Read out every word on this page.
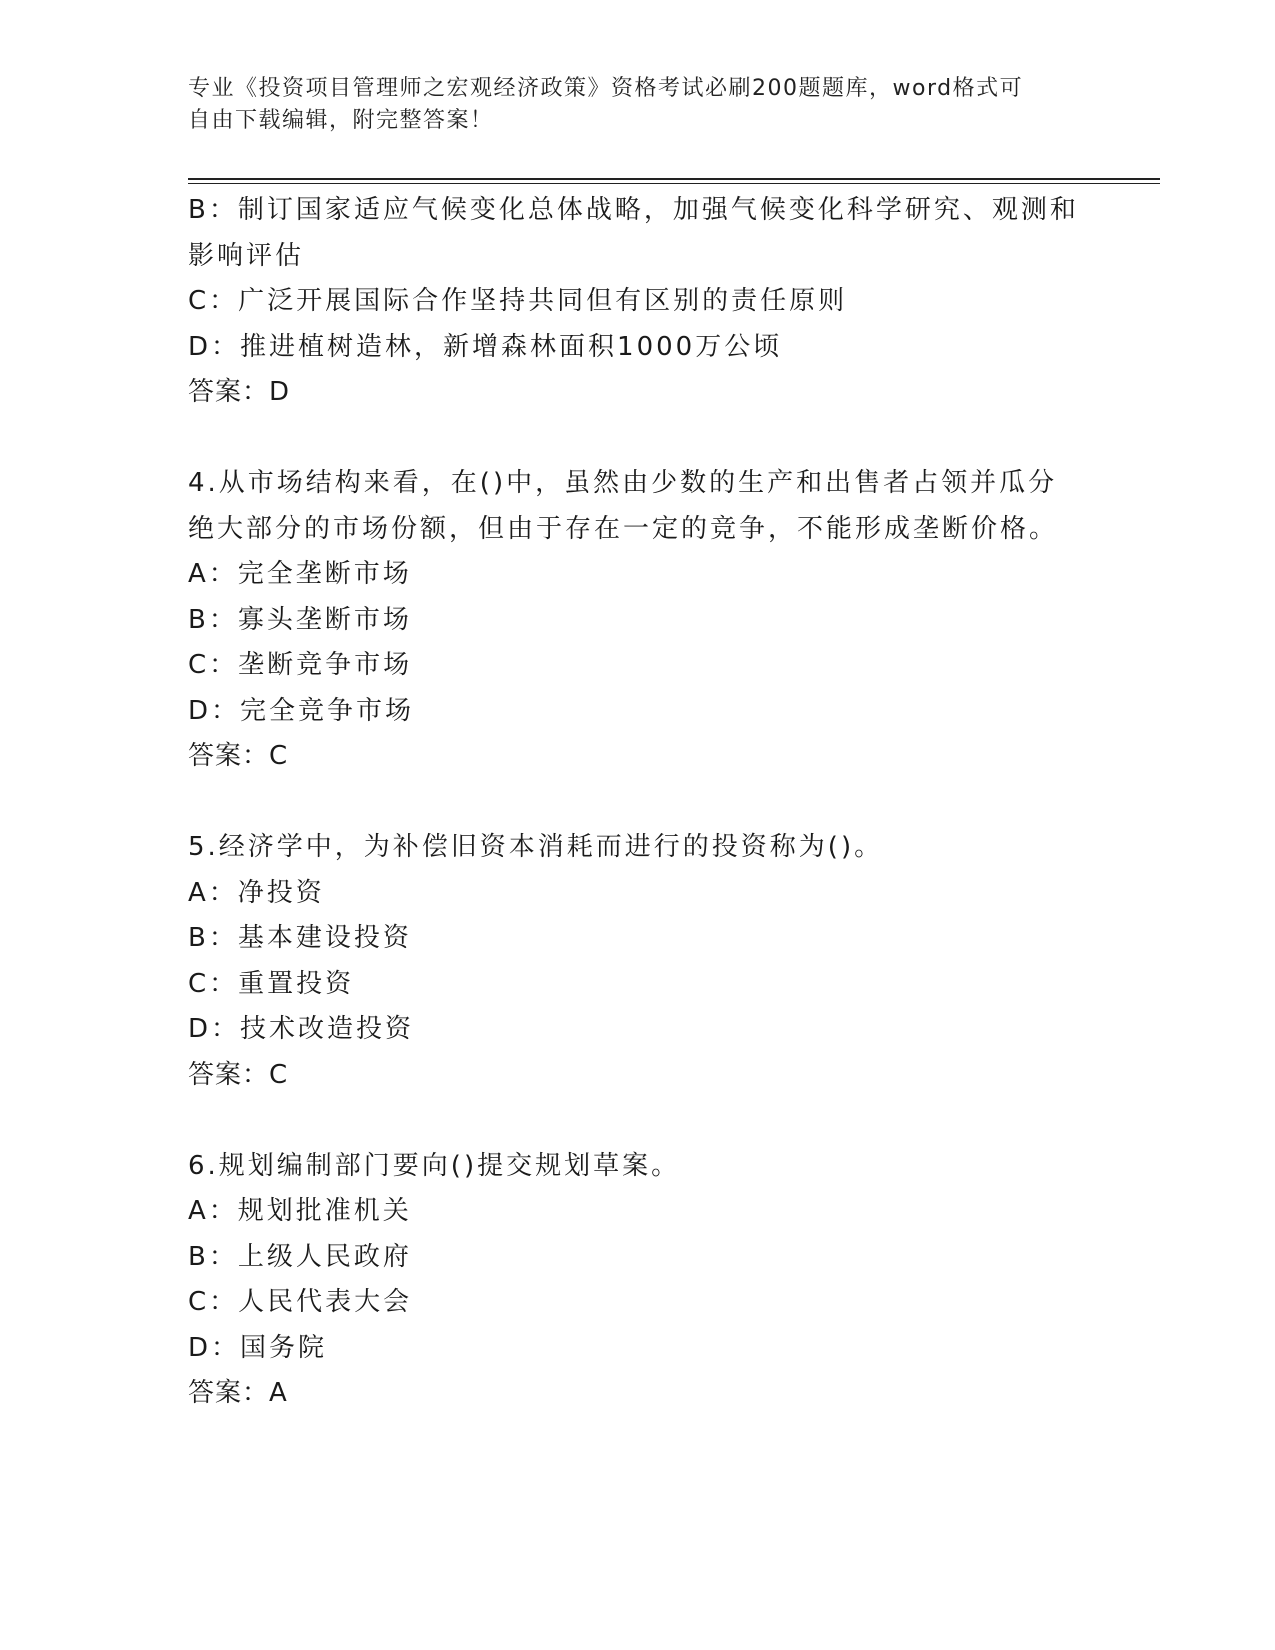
专业《投资项目管理师之宏观经济政策》资格考试必刷200题题库，word格式可
自由下载编辑，附完整答案！
B：制订国家适应气候变化总体战略，加强气候变化科学研究、观测和
影响评估
C：广泛开展国际合作坚持共同但有区别的责任原则
D：推进植树造林，新增森林面积1000万公顷
答案：D
4.从市场结构来看，在()中，虽然由少数的生产和出售者占领并瓜分
绝大部分的市场份额，但由于存在一定的竞争，不能形成垄断价格。
A：完全垄断市场
B：寡头垄断市场
C：垄断竞争市场
D：完全竞争市场
答案：C
5.经济学中，为补偿旧资本消耗而进行的投资称为()。
A：净投资
B：基本建设投资
C：重置投资
D：技术改造投资
答案：C
6.规划编制部门要向()提交规划草案。
A：规划批准机关
B：上级人民政府
C：人民代表大会
D：国务院
答案：A
